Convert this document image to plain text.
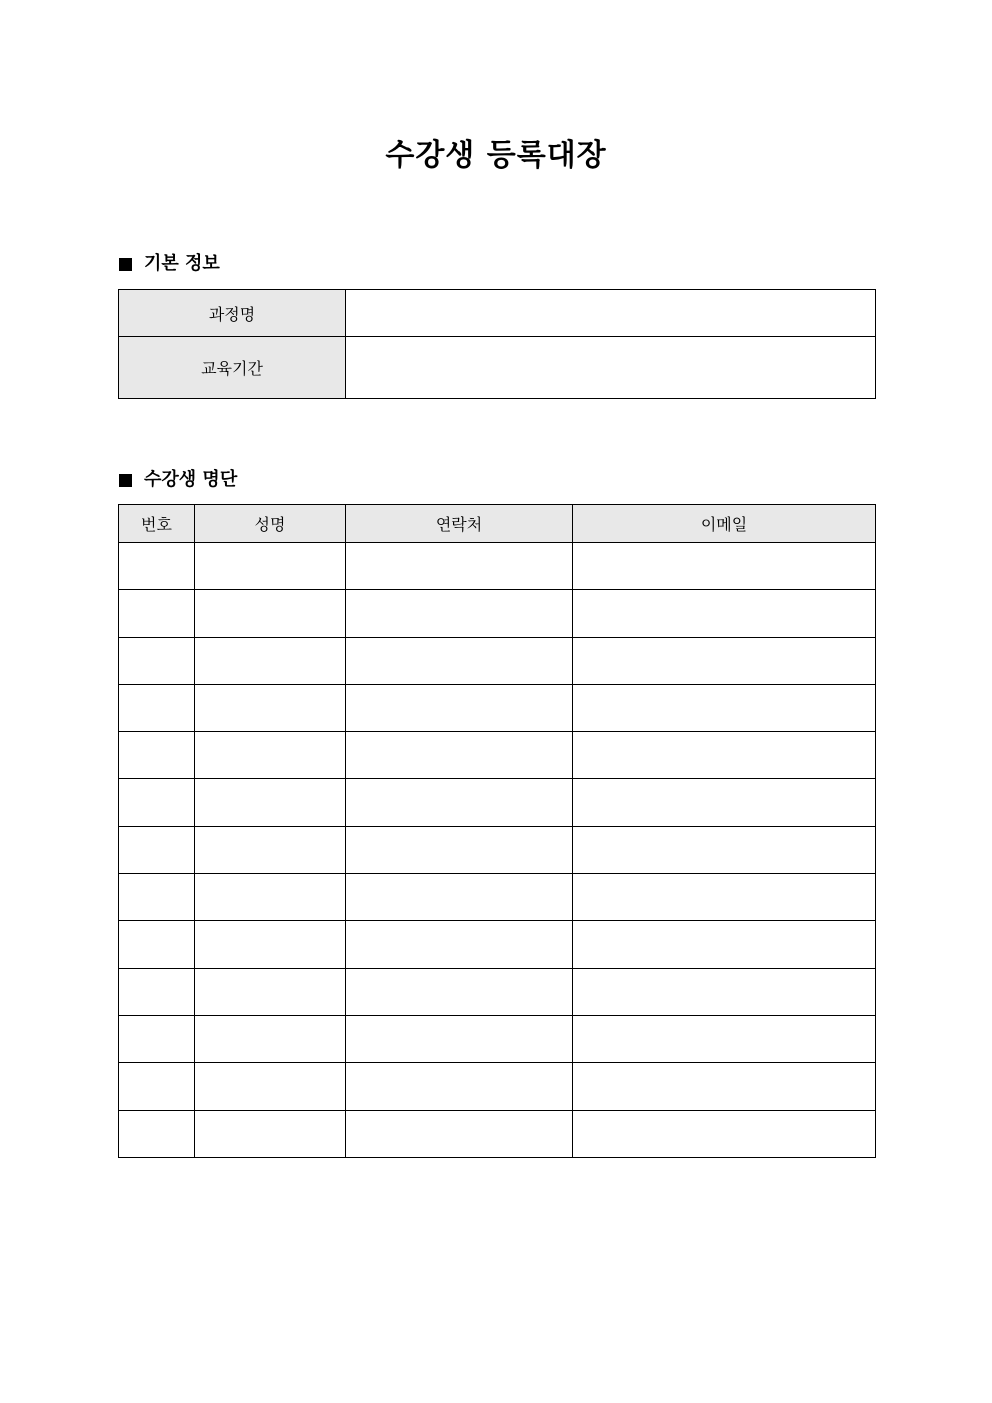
수강생 등록대장
기본 정보
과정명	
교육기간	
수강생 명단
번호	성명	연락처	이메일
